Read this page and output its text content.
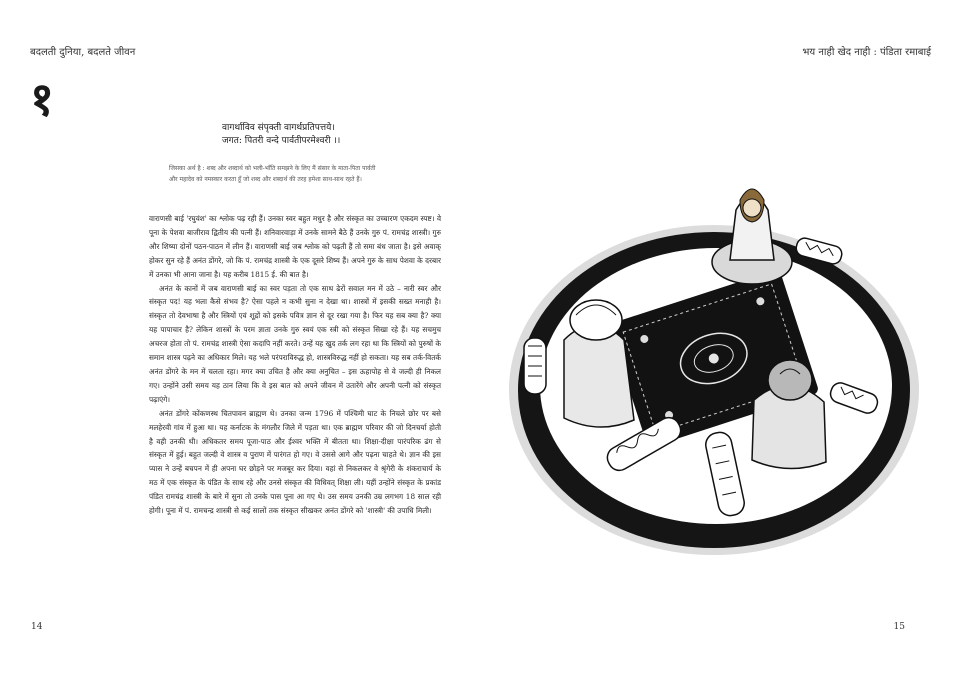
बदलती दुनिया, बदलते जीवन
१
वागर्थाविव संपृक्ती वागर्थप्रतिपत्तये।
जगत: पितरी वन्दे पार्वतीपरमेश्वरी ।।
जिसका अर्थ है : शब्द और शब्दार्थ को भली-भाँति समझने के लिए मैं संसार के माता-पिता पार्वती
और महादेव को नमस्कार करता हूँ जो शब्द और शब्दार्थ की तरह हमेशा साथ-साथ रहते हैं।

वाराणसी बाई 'रघुवंश' का श्लोक पढ़ रही हैं। उनका स्वर बहुत मधुर है और संस्कृत का उच्चारण एकदम स्पष्ट। वे पूना के पेशवा बाजीराव द्वितीय की पत्नी हैं। शनिवारवाड़ा में उनके सामने बैठे हैं उनके गुरु पं. रामचंद्र शास्त्री। गुरु और शिष्या दोनों पठन-पाठन में लीन हैं। वाराणसी बाई जब श्लोक को पढ़ती हैं तो समा बंध जाता है। इसे अवाक् होकर सुन रहे हैं अनंत डोंगरे, जो कि पं. रामचंद्र शास्त्री के एक दूसरे शिष्य हैं। अपने गुरु के साथ पेशवा के दरबार में उनका भी आना जाना है। यह करीब 1815 ई. की बात है।

अनंत के कानों में जब वाराणसी बाई का स्वर पड़ता तो एक साथ ढेरों सवाल मन में उठे – नारी स्वर और संस्कृत पद! यह भला कैसे संभव है? ऐसा पहले न कभी सुना न देखा था। शास्त्रों में इसकी सख्त मनाही है। संस्कृत तो देवभाषा है और स्त्रियों एवं शूद्रों को इसके पवित्र ज्ञान से दूर रखा गया है। फिर यह सब क्या है? क्या यह पापाचार है? लेकिन शास्त्रों के परम ज्ञाता उनके गुरु स्वयं एक स्त्री को संस्कृत सिखा रहे हैं। यह सचमुच अचरज होता तो पं. रामचंद्र शास्त्री ऐसा कदापि नहीं करते। उन्हें यह खुद तर्क लग रहा था कि स्त्रियों को पुरुषों के समान शास्त्र पढ़ने का अधिकार मिले। यह भले परंपराविरुद्ध हो, शास्त्रविरुद्ध नहीं हो सकता। यह सब तर्क-वितर्क अनंत डोंगरे के मन में चलता रहा। मगर क्या उचित है और क्या अनुचित – इस ऊहापोह से वे जल्दी ही निकल गए। उन्होंने उसी समय यह ठान लिया कि वे इस बात को अपने जीवन में उतारेंगे और अपनी पत्नी को संस्कृत पढ़ाएंगे।

अनंत डोंगरे कोंकणस्थ चितपावन ब्राह्मण थे। उनका जन्म 1796 में पश्चिमी घाट के निचले छोर पर बसे मलहेरवी गांव में हुआ था। यह कर्नाटक के मंगलौर जिले में पड़ता था। एक ब्राह्मण परिवार की जो दिनचर्या होती है वही उनकी थी। अधिकतर समय पूजा-पाठ और ईश्वर भक्ति में बीतता था। शिक्षा-दीक्षा पारंपरिक ढंग से संस्कृत में हुई। बहुत जल्दी वे शास्त्र व पुराण में पारंगत हो गए। वे उससे आगे और पढ़ना चाहते थे। ज्ञान की इस प्यास ने उन्हें बचपन में ही अपना घर छोड़ने पर मजबूर कर दिया। वहां से निकलकर वे श्रृंगेरी के शंकराचार्य के मठ में एक संस्कृत के पंडित के साथ रहे और उनसे संस्कृत की विधिवत् शिक्षा ली। यहीं उन्होंने संस्कृत के प्रकांड पंडित रामचंद्र शास्त्री के बारे में सुना तो उनके पास पूना आ गए थे। उस समय उनकी उम्र लगभग 18 साल रही होगी। पूना में पं. रामचन्द्र शास्त्री से कई सालों तक संस्कृत सीखकर अनंत डोंगरे को 'शास्त्री' की उपाधि मिली।

14
भय नाही खेद नाही : पंडिता रमाबाई
15
